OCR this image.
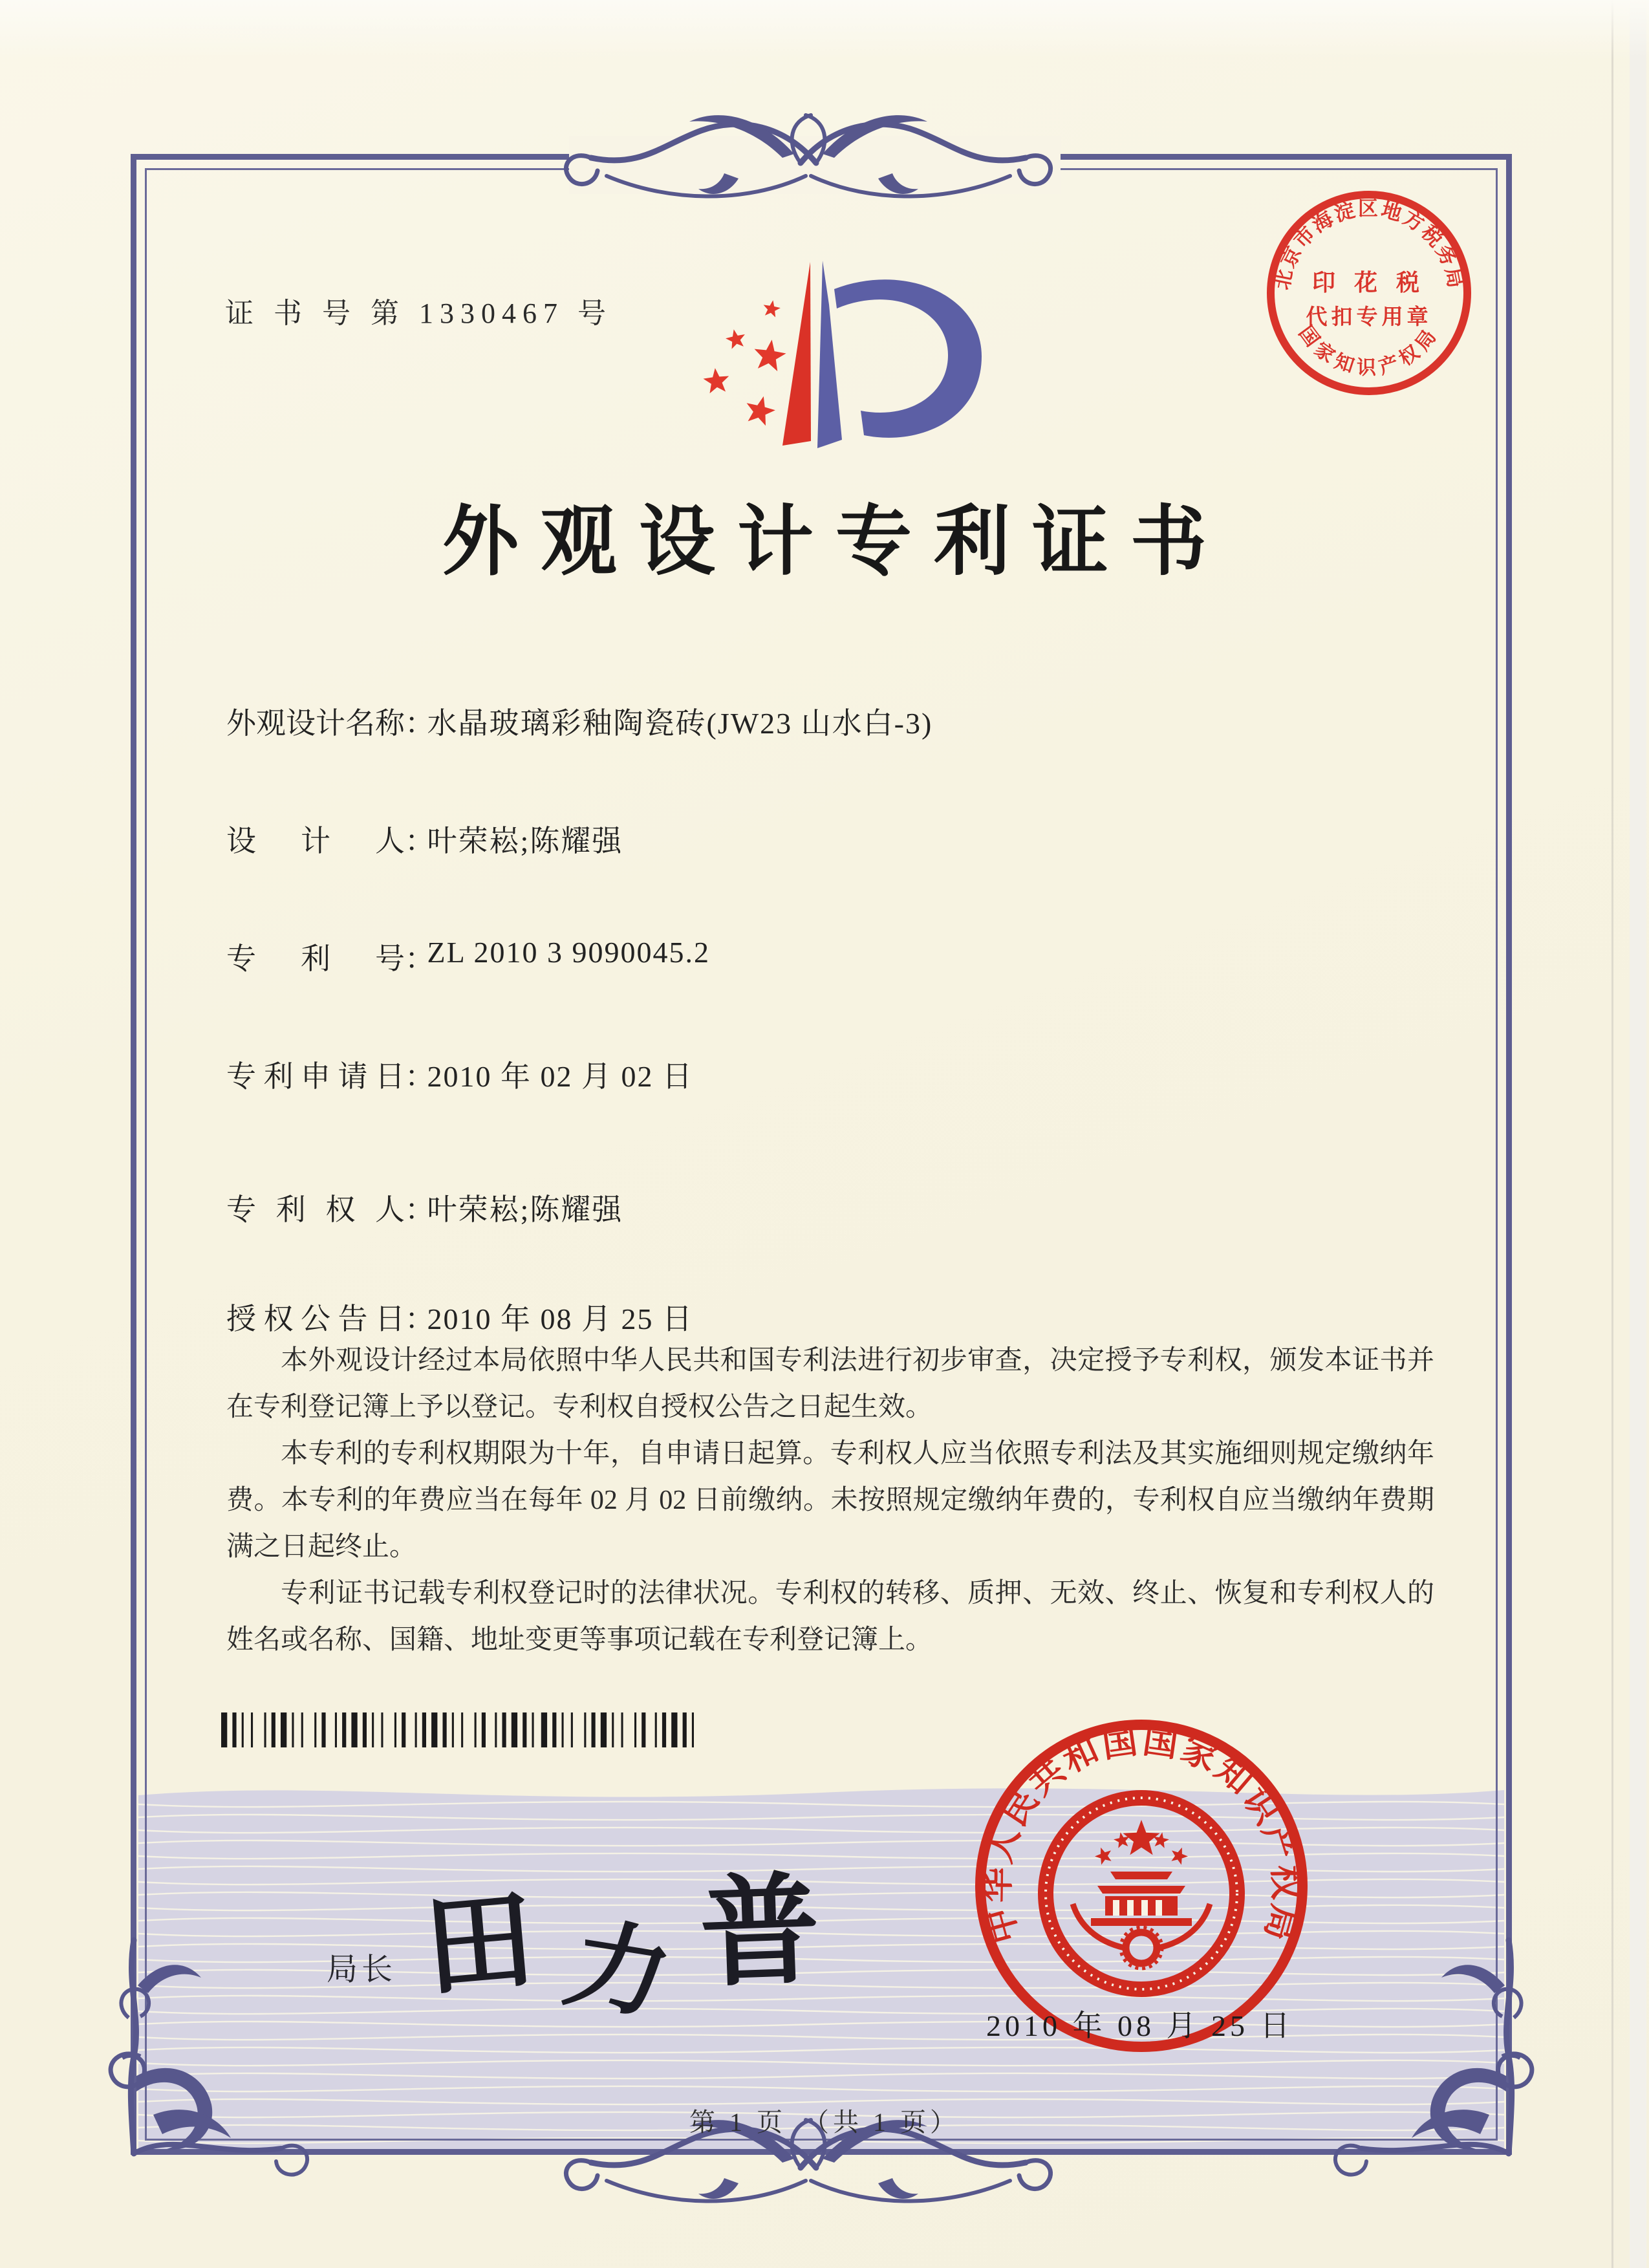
证 书 号 第 1330467 号
北京市海淀区地方税务局
国家知识产权局
印 花 税
代扣专用章
外观设计专利证书
外观设计名称：水晶玻璃彩釉陶瓷砖(JW23 山水白-3)
设计人：叶荣崧;陈耀强
专利号：ZL 2010 3 9090045.2
专利申请日：2010 年 02 月 02 日
专利权人：叶荣崧;陈耀强
授权公告日：2010 年 08 月 25 日

本外观设计经过本局依照中华人民共和国专利法进行初步审查，决定授予专利权，颁发本证书并在专利登记簿上予以登记。专利权自授权公告之日起生效。

本专利的专利权期限为十年，自申请日起算。专利权人应当依照专利法及其实施细则规定缴纳年费。本专利的年费应当在每年 02 月 02 日前缴纳。未按照规定缴纳年费的，专利权自应当缴纳年费期满之日起终止。

专利证书记载专利权登记时的法律状况。专利权的转移、质押、无效、终止、恢复和专利权人的姓名或名称、国籍、地址变更等事项记载在专利登记簿上。

局长 田 力 普	中华人民共和国国家知识产权局
2010 年 08 月 25 日
第 1 页　（共 1 页）
